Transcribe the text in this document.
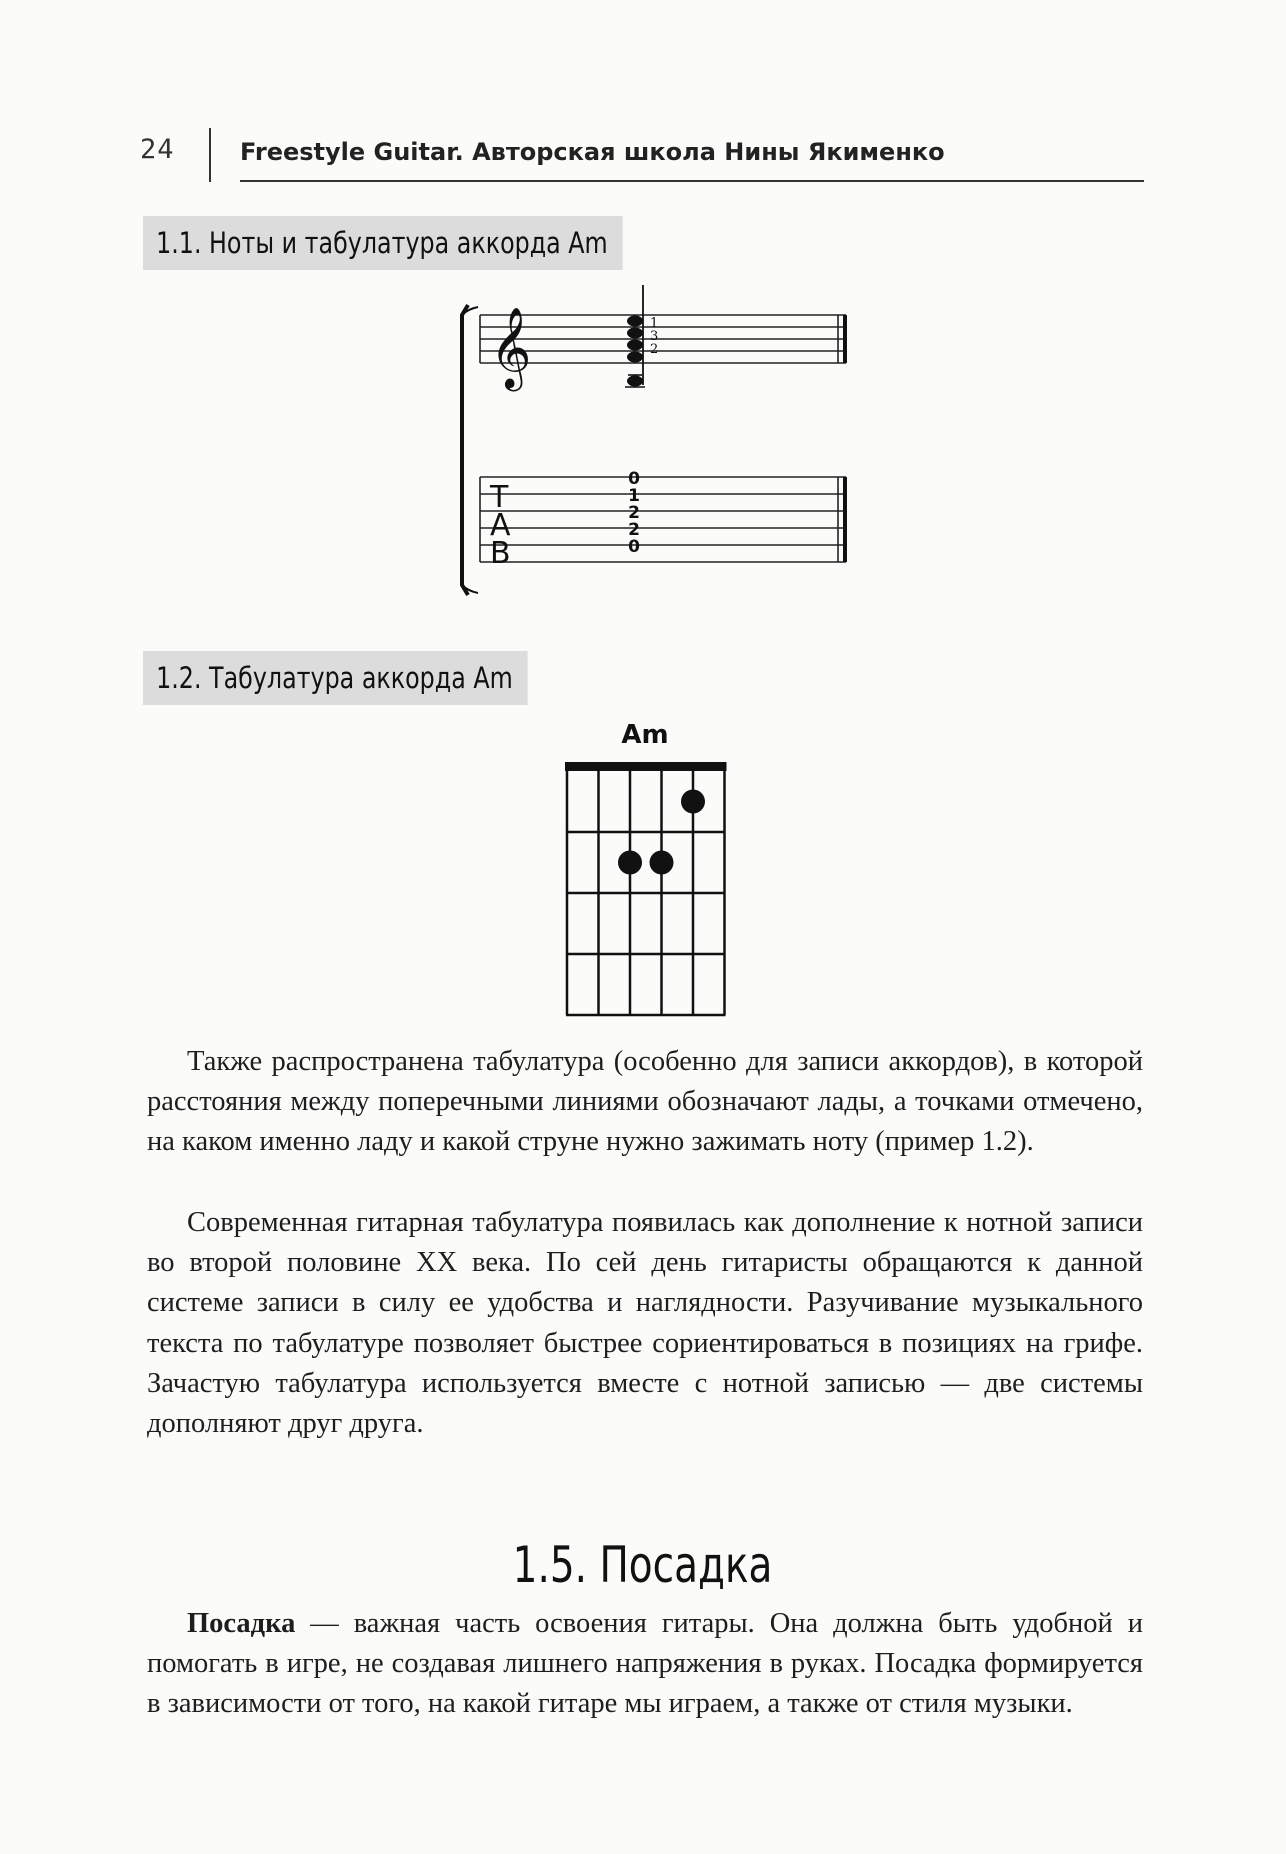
24	Freestyle Guitar. Авторская школа Нины Якименко
1.1. Ноты и табулатура аккорда Am
𝄞	1
3
2
T
A
B
0
1
2
2
0
1.2. Табулатура аккорда Am
Am

Также распространена табулатура (особенно для записи аккордов), в которой расстояния между поперечными линиями обозначают лады, а точками отмечено, на каком именно ладу и какой струне нужно зажимать ноту (пример 1.2).

Современная гитарная табулатура появилась как дополнение к нотной записи во второй половине XX века. По сей день гитаристы обращаются к данной системе записи в силу ее удобства и наглядности. Разучивание музыкального текста по табулатуре позволяет быстрее сориентироваться в позициях на грифе. Зачастую табулатура используется вместе с нотной записью — две системы дополняют друг друга.

1.5. Посадка

Посадка — важная часть освоения гитары. Она должна быть удобной и помогать в игре, не создавая лишнего напряжения в руках. Посадка формируется в зависимости от того, на какой гитаре мы играем, а также от стиля музыки.
